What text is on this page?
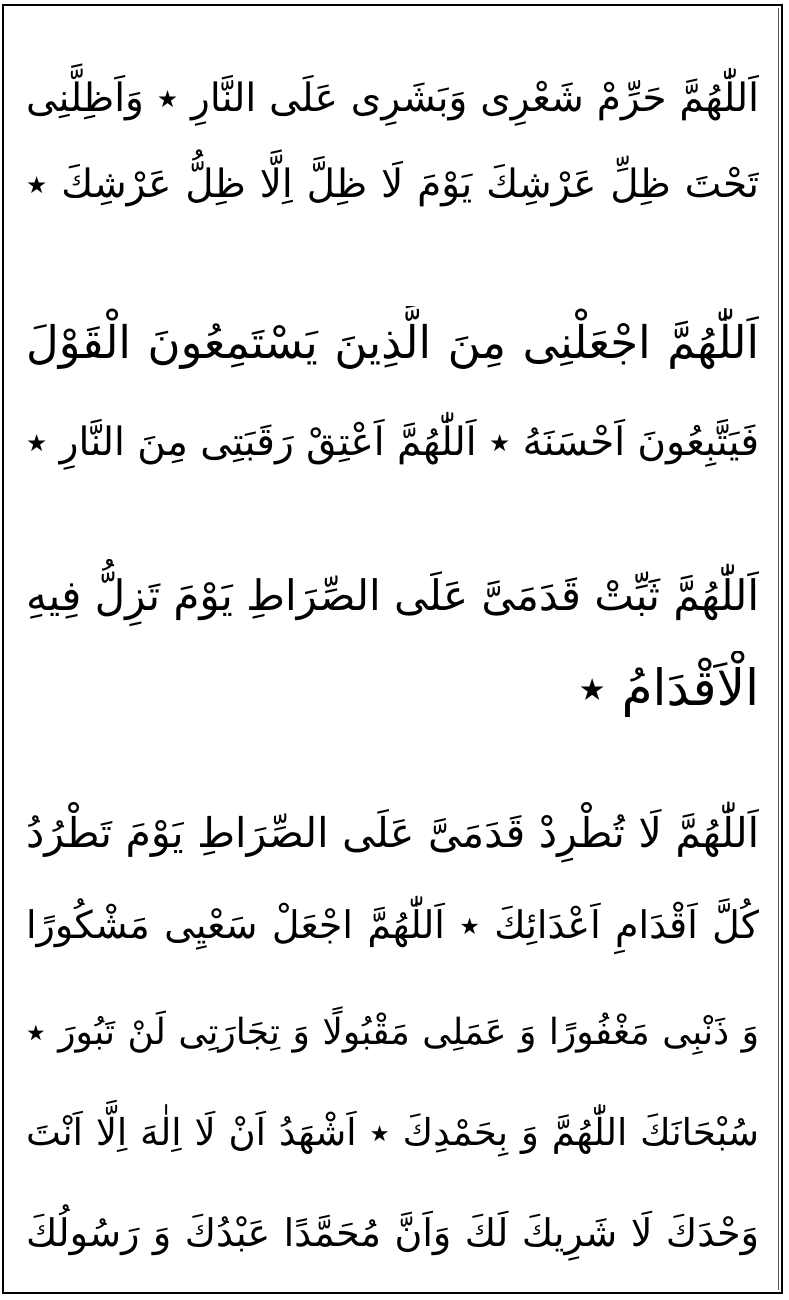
اَللّٰهُمَّ حَرِّمْ شَعْرِى وَبَشَرِى عَلَى النَّارِ ٭ وَاَظِلَّنِى
تَحْتَ ظِلِّ عَرْشِكَ يَوْمَ لَا ظِلَّ اِلَّا ظِلُّ عَرْشِكَ ٭
اَللّٰهُمَّ اجْعَلْنِى مِنَ الَّذِينَ يَسْتَمِعُونَ الْقَوْلَ
فَيَتَّبِعُونَ اَحْسَنَهُ ٭ اَللّٰهُمَّ اَعْتِقْ رَقَبَتِى مِنَ النَّارِ ٭
اَللّٰهُمَّ ثَبِّتْ قَدَمَىَّ عَلَى الصِّرَاطِ يَوْمَ تَزِلُّ فِيهِ
الْاَقْدَامُ ٭
اَللّٰهُمَّ لَا تُطْرِدْ قَدَمَىَّ عَلَى الصِّرَاطِ يَوْمَ تَطْرُدُ
كُلَّ اَقْدَامِ اَعْدَائِكَ ٭ اَللّٰهُمَّ اجْعَلْ سَعْيِى مَشْكُورًا
وَ ذَنْبِى مَغْفُورًا وَ عَمَلِى مَقْبُولًا وَ تِجَارَتِى لَنْ تَبُورَ ٭
سُبْحَانَكَ اللّٰهُمَّ وَ بِحَمْدِكَ ٭ اَشْهَدُ اَنْ لَا اِلٰهَ اِلَّا اَنْتَ
وَحْدَكَ لَا شَرِيكَ لَكَ وَاَنَّ مُحَمَّدًا عَبْدُكَ وَ رَسُولُكَ
